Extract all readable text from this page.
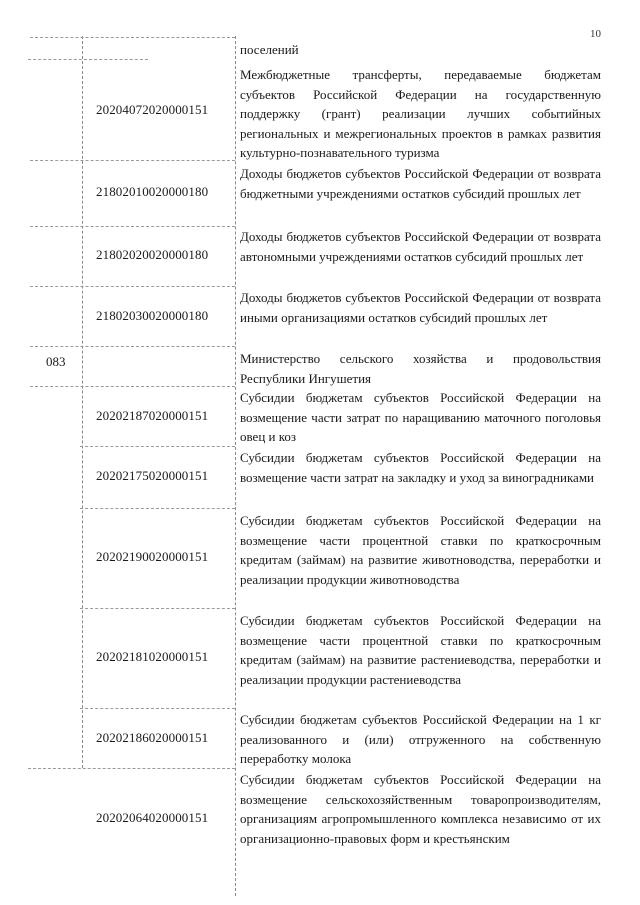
10
поселений
20204072020000151
Межбюджетные трансферты, передаваемые бюджетам субъектов Российской Федерации на государственную поддержку (грант) реализации лучших событийных региональных и межрегиональных проектов в рамках развития культурно-познавательного туризма
21802010020000180
Доходы бюджетов субъектов Российской Федерации от возврата бюджетными учреждениями остатков субсидий прошлых лет
21802020020000180
Доходы бюджетов субъектов Российской Федерации от возврата автономными учреждениями остатков субсидий прошлых лет
21802030020000180
Доходы бюджетов субъектов Российской Федерации от возврата иными организациями остатков субсидий прошлых лет
083	Министерство сельского хозяйства и продовольствия Республики Ингушетия
20202187020000151
Субсидии бюджетам субъектов Российской Федерации на возмещение части затрат по наращиванию маточного поголовья овец и коз
20202175020000151
Субсидии бюджетам субъектов Российской Федерации на возмещение части затрат на закладку и уход за виноградниками
20202190020000151
Субсидии бюджетам субъектов Российской Федерации на возмещение части процентной ставки по краткосрочным кредитам (займам) на развитие животноводства, переработки и реализации продукции животноводства
20202181020000151
Субсидии бюджетам субъектов Российской Федерации на возмещение части процентной ставки по краткосрочным кредитам (займам) на развитие растениеводства, переработки и реализации продукции растениеводства
20202186020000151
Субсидии бюджетам субъектов Российской Федерации на 1 кг реализованного и (или) отгруженного на собственную переработку молока
20202064020000151
Субсидии бюджетам субъектов Российской Федерации на возмещение сельскохозяйственным товаропроизводителям, организациям агропромышленного комплекса независимо от их организационно-правовых форм и крестьянским
